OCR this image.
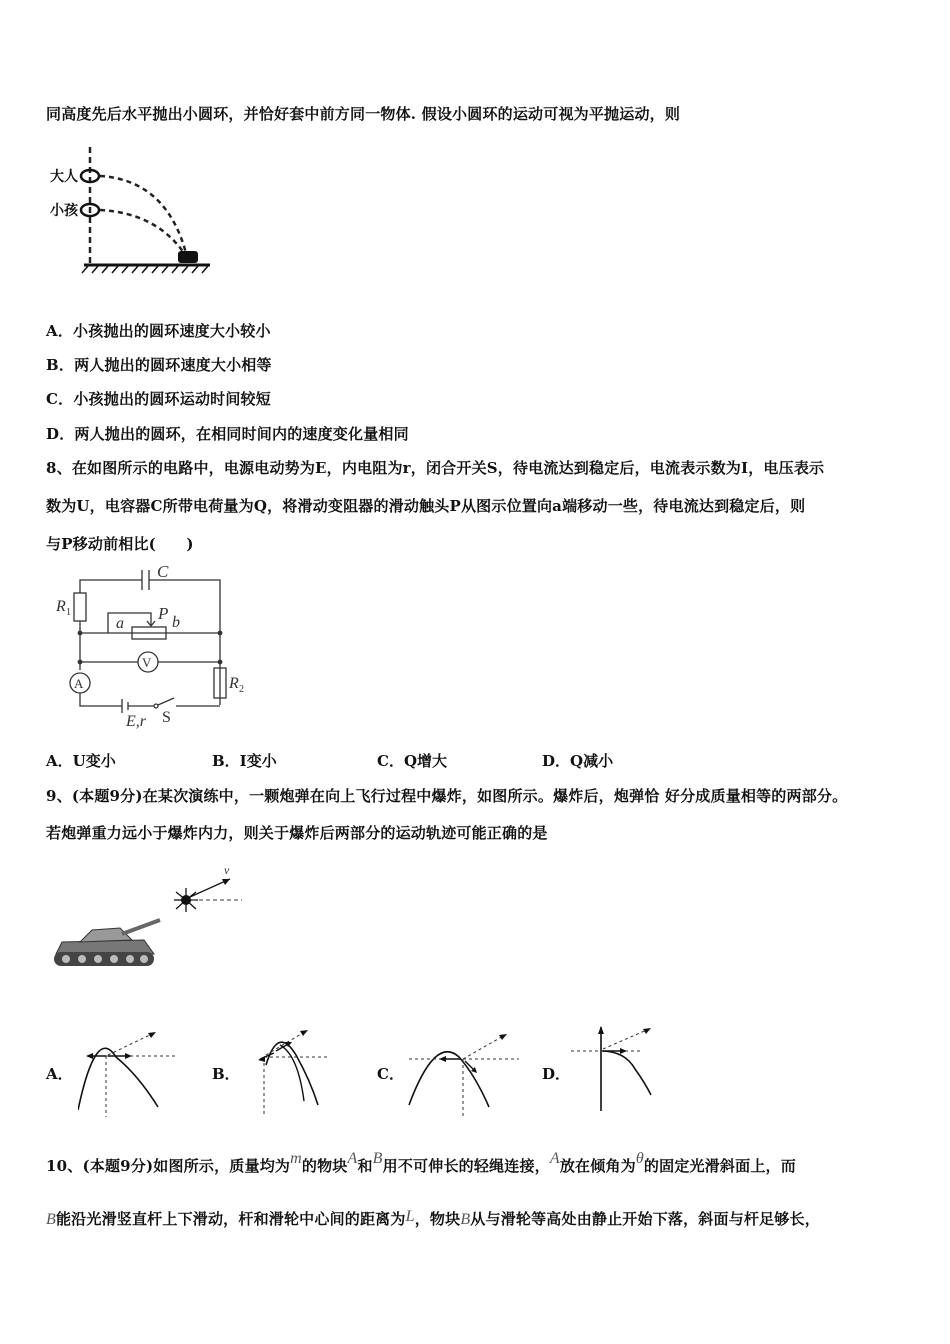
同高度先后水平抛出小圆环，并恰好套中前方同一物体. 假设小圆环的运动可视为平抛运动，则
大人
小孩
A．小孩抛出的圆环速度大小较小
B．两人抛出的圆环速度大小相等
C．小孩抛出的圆环运动时间较短
D．两人抛出的圆环，在相同时间内的速度变化量相同
8、在如图所示的电路中，电源电动势为E，内电阻为r，闭合开关S，待电流达到稳定后，电流表示数为I，电压表示
数为U，电容器C所带电荷量为Q，将滑动变阻器的滑动触头P从图示位置向a端移动一些，待电流达到稳定后，则
与P移动前相比(　　)
C
R 1	P
a	b
V
A	R 2
E,r S
A．U变小	B．I变小	C．Q增大	D．Q减小
9、(本题9分)在某次演练中，一颗炮弹在向上飞行过程中爆炸，如图所示。爆炸后，炮弹恰 好分成质量相等的两部分。
若炮弹重力远小于爆炸内力，则关于爆炸后两部分的运动轨迹可能正确的是
v
A．	B．	C．	D．
10、(本题9分)如图所示，质量均为m的物块A和B用不可伸长的轻绳连接，A放在倾角为θ的固定光滑斜面上，而
B能沿光滑竖直杆上下滑动，杆和滑轮中心间的距离为L，物块B从与滑轮等高处由静止开始下落，斜面与杆足够长，
